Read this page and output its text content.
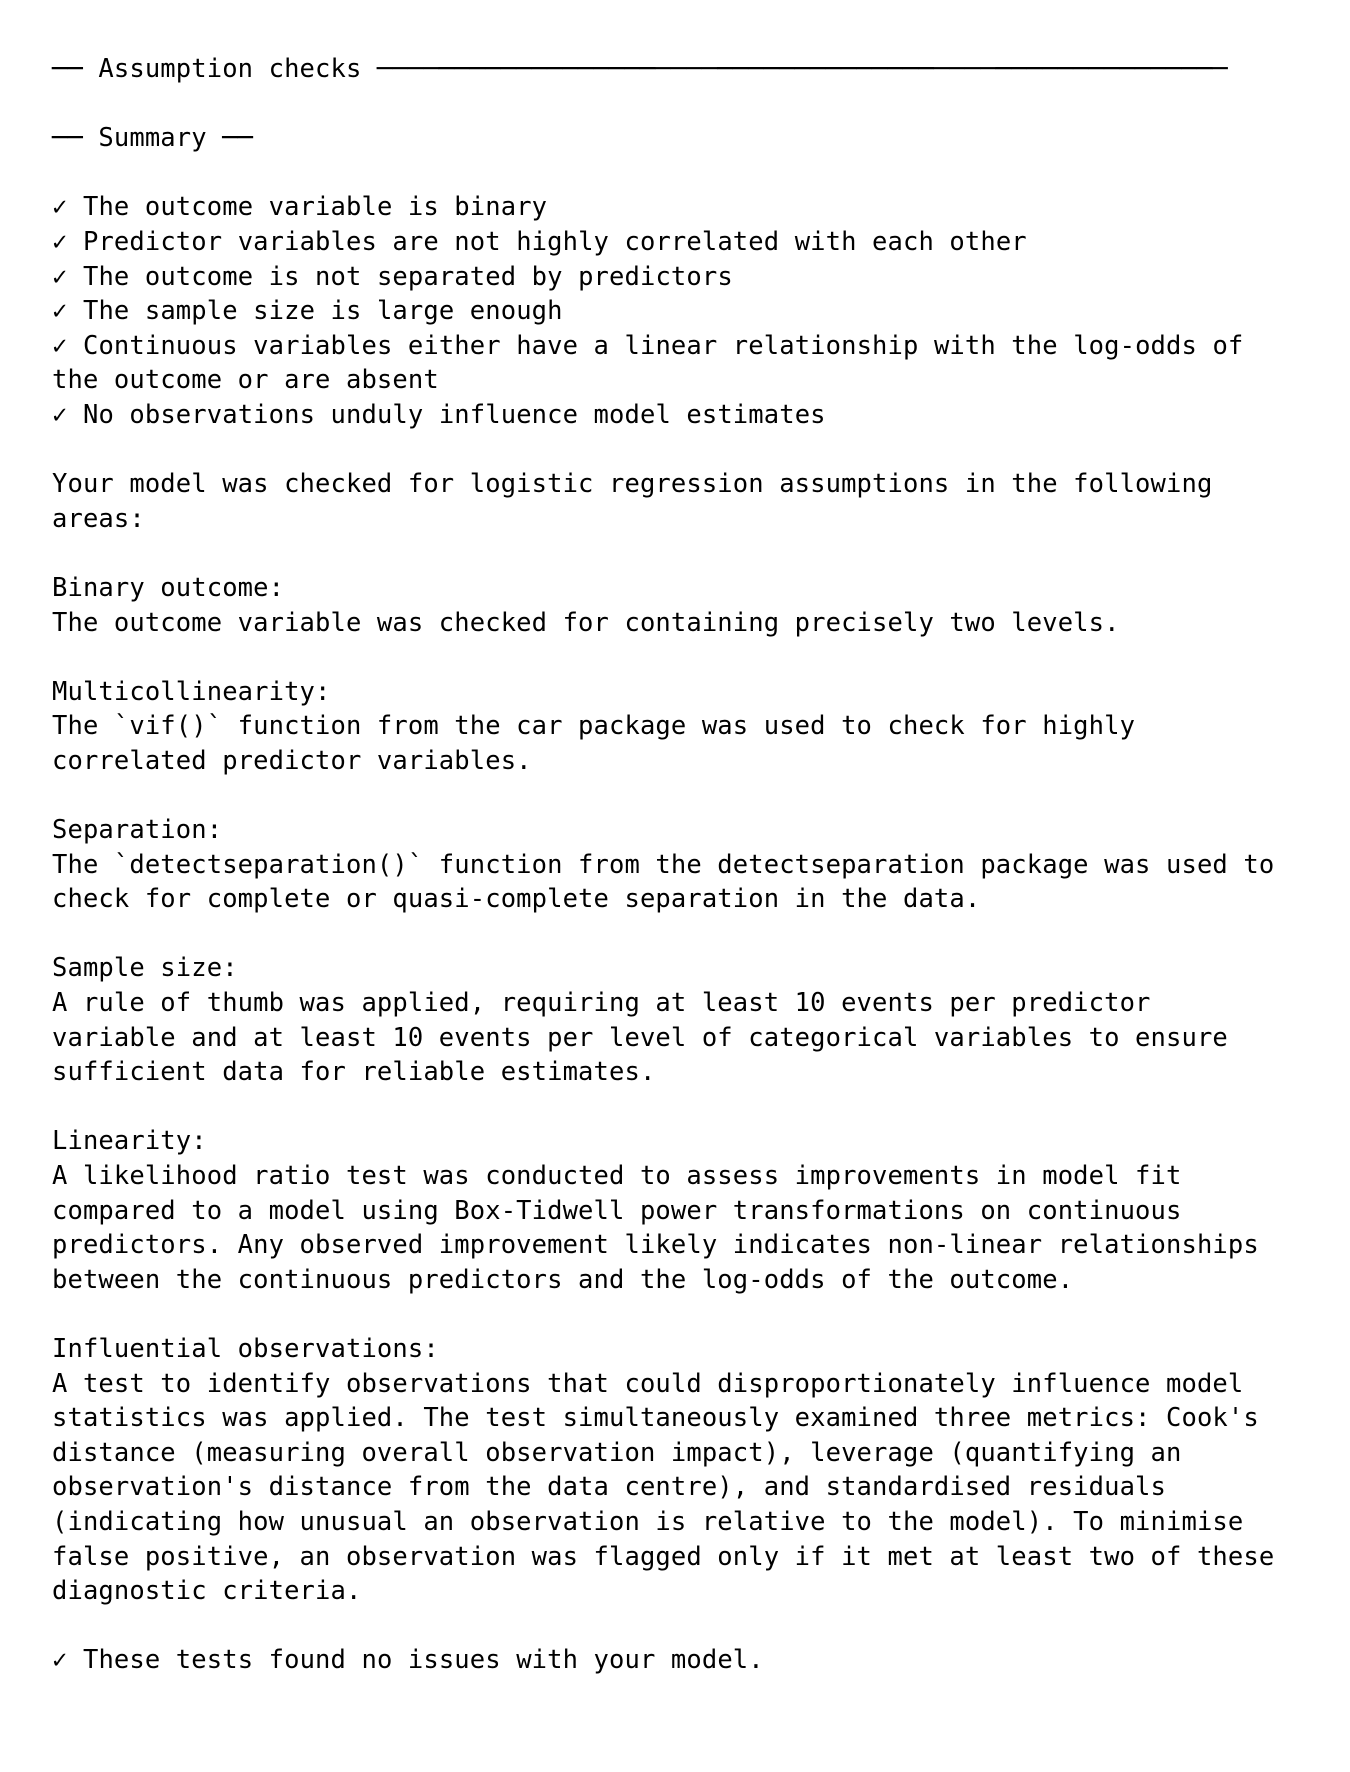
── Assumption checks ───────────────────────────────────────────────────────
── Summary ──
✓ The outcome variable is binary
✓ Predictor variables are not highly correlated with each other
✓ The outcome is not separated by predictors
✓ The sample size is large enough
✓ Continuous variables either have a linear relationship with the log-odds of
the outcome or are absent
✓ No observations unduly influence model estimates
Your model was checked for logistic regression assumptions in the following
areas:
Binary outcome:
The outcome variable was checked for containing precisely two levels.
Multicollinearity:
The `vif()` function from the car package was used to check for highly
correlated predictor variables.
Separation:
The `detectseparation()` function from the detectseparation package was used to
check for complete or quasi-complete separation in the data.
Sample size:
A rule of thumb was applied, requiring at least 10 events per predictor
variable and at least 10 events per level of categorical variables to ensure
sufficient data for reliable estimates.
Linearity:
A likelihood ratio test was conducted to assess improvements in model fit
compared to a model using Box-Tidwell power transformations on continuous
predictors. Any observed improvement likely indicates non-linear relationships
between the continuous predictors and the log-odds of the outcome.
Influential observations:
A test to identify observations that could disproportionately influence model
statistics was applied. The test simultaneously examined three metrics: Cook's
distance (measuring overall observation impact), leverage (quantifying an
observation's distance from the data centre), and standardised residuals
(indicating how unusual an observation is relative to the model). To minimise
false positive, an observation was flagged only if it met at least two of these
diagnostic criteria.
✓ These tests found no issues with your model.
